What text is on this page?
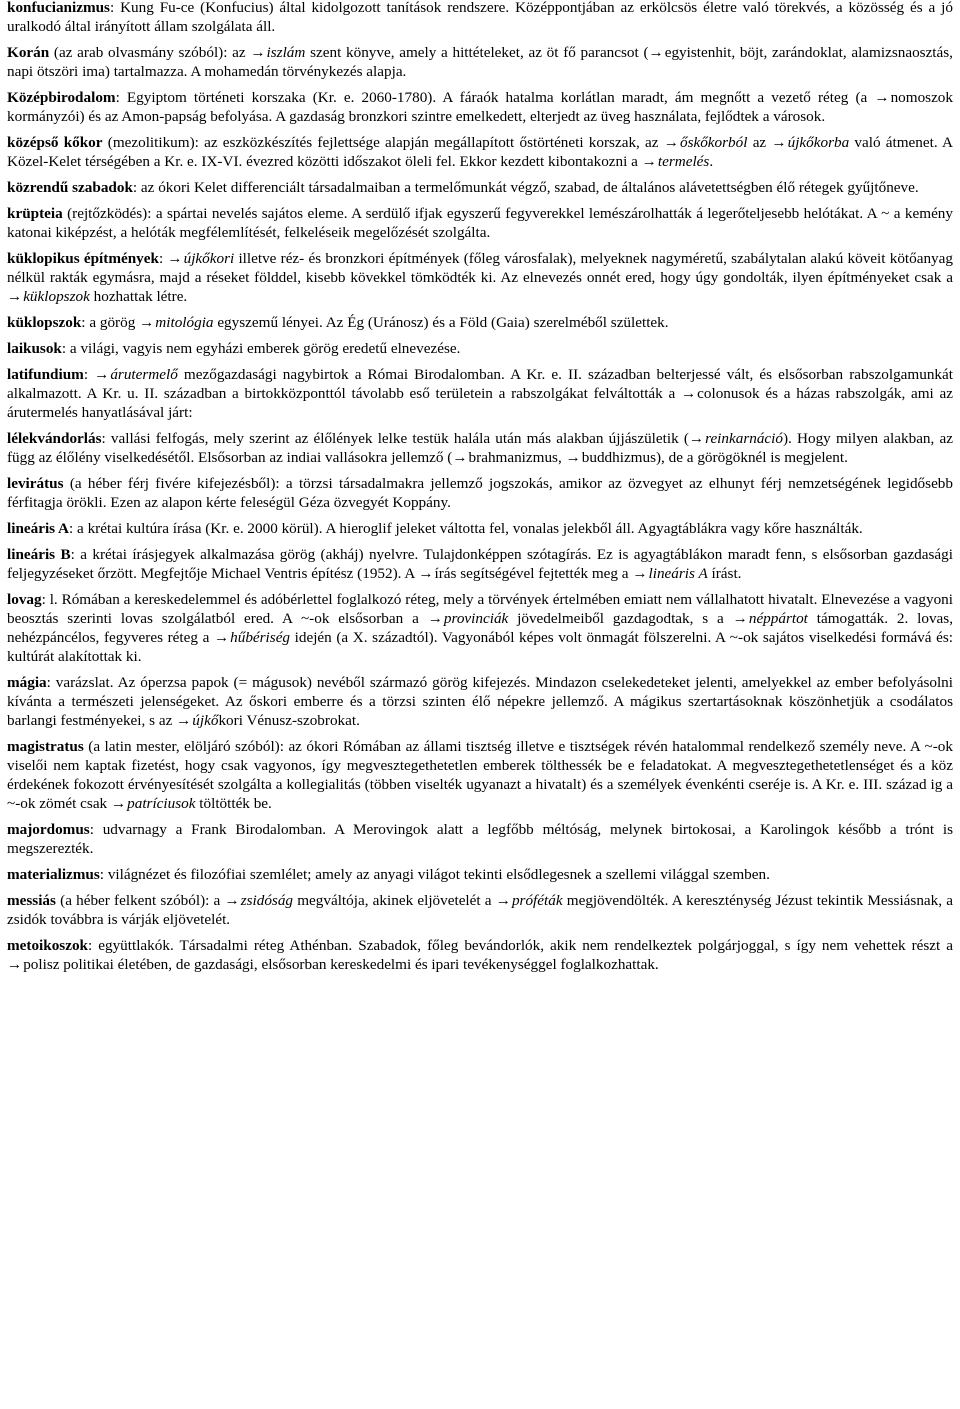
konfucianizmus: Kung Fu-ce (Konfucius) által kidolgozott tanítások rendszere. Középpontjában az erkölcsös életre való törekvés, a közösség és a jó uralkodó által irányított állam szolgálata áll.

Korán (az arab olvasmány szóból): az →iszlám szent könyve, amely a hittételeket, az öt fő parancsot (→egyistenhit, böjt, zarándoklat, alamizsnaosztás, napi ötszöri ima) tartalmazza. A mohamedán törvénykezés alapja.

Középbirodalom: Egyiptom történeti korszaka (Kr. e. 2060-1780). A fáraók hatalma korlátlan maradt, ám megnőtt a vezető réteg (a →nomoszok kormányzói) és az Amon-papság befolyása. A gazdaság bronzkori szintre emelkedett, elterjedt az üveg használata, fejlődtek a városok.

középső kőkor (mezolitikum): az eszközkészítés fejlettsége alapján megállapított őstörténeti korszak, az →őskőkorból az →újkőkorba való átmenet. A Közel-Kelet térségében a Kr. e. IX-VI. évezred közötti időszakot öleli fel. Ekkor kezdett kibontakozni a →termelés.

közrendű szabadok: az ókori Kelet differenciált társadalmaiban a termelőmunkát végző, szabad, de általános alávetettségben élő rétegek gyűjtőneve.

krüpteia (rejtőzködés): a spártai nevelés sajátos eleme. A serdülő ifjak egyszerű fegyverekkel lemészárolhatták á legerőteljesebb helótákat. A ~ a kemény katonai kiképzést, a helóták megfélemlítését, felkeléseik megelőzését szolgálta.

küklopikus építmények: →újkőkori illetve réz- és bronzkori építmények (főleg városfalak), melyeknek nagyméretű, szabálytalan alakú köveit kötőanyag nélkül rakták egymásra, majd a réseket földdel, kisebb kövekkel tömködték ki. Az elnevezés onnét ered, hogy úgy gondolták, ilyen építményeket csak a →küklopszok hozhattak létre.

küklopszok: a görög →mitológia egyszemű lényei. Az Ég (Uránosz) és a Föld (Gaia) szerelméből születtek.

laikusok: a világi, vagyis nem egyházi emberek görög eredetű elnevezése.

latifundium: →árutermelő mezőgazdasági nagybirtok a Római Birodalomban. A Kr. e. II. században belterjessé vált, és elsősorban rabszolgamunkát alkalmazott. A Kr. u. II. században a birtokközponttól távolabb eső területein a rabszolgákat felváltották a →colonusok és a házas rabszolgák, ami az árutermelés hanyatlásával járt:

lélekvándorlás: vallási felfogás, mely szerint az élőlények lelke testük halála után más alakban újjászületik (→reinkarnáció). Hogy milyen alakban, az függ az élőlény viselkedésétől. Elsősorban az indiai vallásokra jellemző (→brahmanizmus, →buddhizmus), de a görögöknél is megjelent.

levirátus (a héber férj fivére kifejezésből): a törzsi társadalmakra jellemző jogszokás, amikor az özvegyet az elhunyt férj nemzetségének legidősebb férfitagja örökli. Ezen az alapon kérte feleségül Géza özvegyét Koppány.

lineáris A: a krétai kultúra írása (Kr. e. 2000 körül). A hieroglif jeleket váltotta fel, vonalas jelekből áll. Agyagtáblákra vagy kőre használták.

lineáris B: a krétai írásjegyek alkalmazása görög (akháj) nyelvre. Tulajdonképpen szótagírás. Ez is agyagtáblákon maradt fenn, s elsősorban gazdasági feljegyzéseket őrzött. Megfejtője Michael Ventris építész (1952). A →írás segítségével fejtették meg a →lineáris A írást.

lovag: l. Rómában a kereskedelemmel és adóbérlettel foglalkozó réteg, mely a törvények értelmében emiatt nem vállalhatott hivatalt. Elnevezése a vagyoni beosztás szerinti lovas szolgálatból ered. A ~-ok elsősorban a →provinciák jövedelmeiből gazdagodtak, s a →néppártot támogatták. 2. lovas, nehézpáncélos, fegyveres réteg a →hűbériség idején (a X. századtól). Vagyonából képes volt önmagát fölszerelni. A ~-ok sajátos viselkedési formává és: kultúrát alakítottak ki.

mágia: varázslat. Az óperzsa papok (= mágusok) nevéből származó görög kifejezés. Mindazon cselekedeteket jelenti, amelyekkel az ember befolyásolni kívánta a természeti jelenségeket. Az őskori emberre és a törzsi szinten élő népekre jellemző. A mágikus szertartásoknak köszönhetjük a csodálatos barlangi festményekei, s az →újkőkori Vénusz-szobrokat.

magistratus (a latin mester, elöljáró szóból): az ókori Rómában az állami tisztség illetve e tisztségek révén hatalommal rendelkező személy neve. A ~-ok viselői nem kaptak fizetést, hogy csak vagyonos, így megvesztegethetetlen emberek tölthessék be e feladatokat. A megvesztegethetetlenséget és a köz érdekének fokozott érvényesítését szolgálta a kollegialitás (többen viselték ugyanazt a hivatalt) és a személyek évenkénti cseréje is. A Kr. e. III. század ig a ~-ok zömét csak →patríciusok töltötték be.

majordomus: udvarnagy a Frank Birodalomban. A Merovingok alatt a legfőbb méltóság, melynek birtokosai, a Karolingok később a trónt is megszerezték.

materializmus: világnézet és filozófiai szemlélet; amely az anyagi világot tekinti elsődlegesnek a szellemi világgal szemben.

messiás (a héber felkent szóból): a →zsidóság megváltója, akinek eljövetelét a →próféták megjövendölték. A kereszténység Jézust tekintik Messiásnak, a zsidók továbbra is várják eljövetelét.

metoikoszok: együttlakók. Társadalmi réteg Athénban. Szabadok, főleg bevándorlók, akik nem rendelkeztek polgárjoggal, s így nem vehettek részt a →polisz politikai életében, de gazdasági, elsősorban kereskedelmi és ipari tevékenységgel foglalkozhattak.
